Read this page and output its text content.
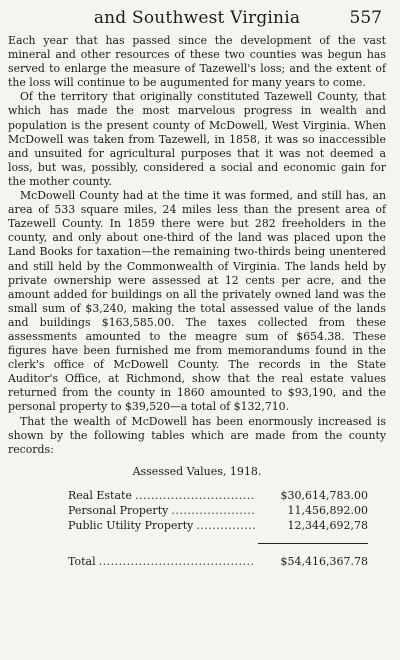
and Southwest Virginia	557

Each year that has passed since the development of the vast mineral and other resources of these two counties was begun has served to enlarge the measure of Tazewell's loss; and the extent of the loss will continue to be augumented for many years to come.

Of the territory that originally constituted Tazewell County, that which has made the most marvelous progress in wealth and population is the present county of McDowell, West Virginia. When McDowell was taken from Tazewell, in 1858, it was so inaccessible and unsuited for agricultural purposes that it was not deemed a loss, but was, possibly, considered a social and economic gain for the mother county.

McDowell County had at the time it was formed, and still has, an area of 533 square miles, 24 miles less than the present area of Tazewell County. In 1859 there were but 282 freeholders in the county, and only about one-third of the land was placed upon the Land Books for taxation—the remaining two-thirds being unentered and still held by the Commonwealth of Virginia. The lands held by private ownership were assessed at 12 cents per acre, and the amount added for buildings on all the privately owned land was the small sum of $3,240, making the total assessed value of the lands and buildings $163,585.00. The taxes collected from these assessments amounted to the meagre sum of $654.38. These figures have been furnished me from memorandums found in the clerk's office of McDowell County. The records in the State Auditor's Office, at Richmond, show that the real estate values returned from the county in 1860 amounted to $93,190, and the personal property to $39,520—a total of $132,710.

That the wealth of McDowell has been enormously increased is shown by the following tables which are made from the county records:

Assessed Values, 1918.
Real Estate .....	$30,614,783.00
Personal Property .....	11,456,892.00
Public Utility Property .....	12,344,692,78
Total .....	$54,416,367.78
